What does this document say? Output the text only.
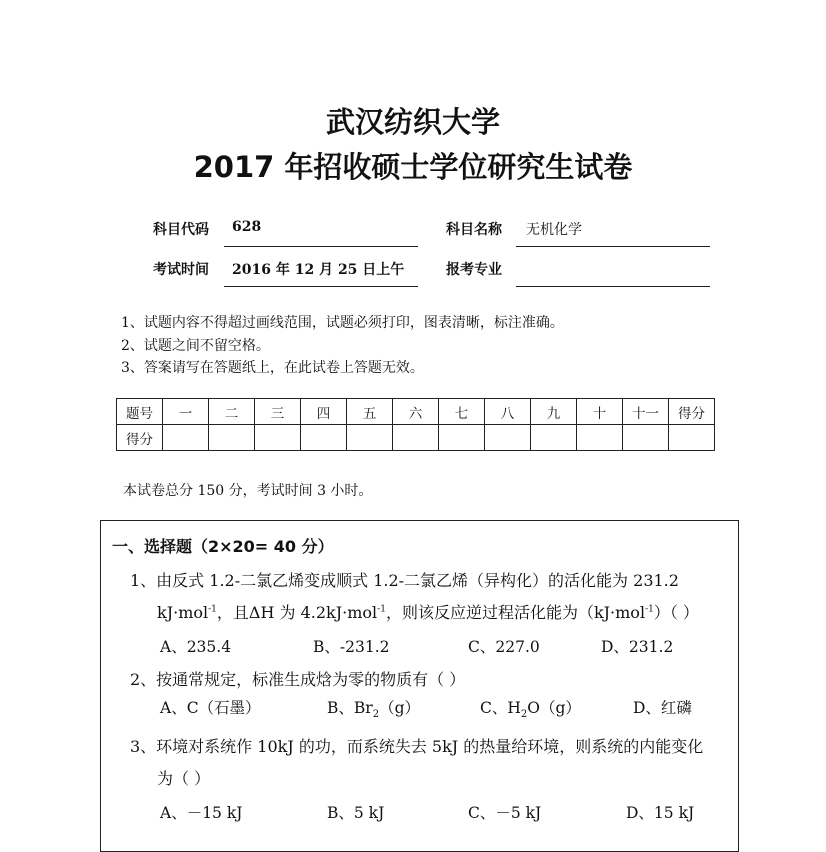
武汉纺织大学
2017 年招收硕士学位研究生试卷
科目代码 628	科目名称 无机化学
考试时间 2016 年 12 月 25 日上午	报考专业
1、试题内容不得超过画线范围，试题必须打印，图表清晰，标注准确。
2、试题之间不留空格。
3、答案请写在答题纸上，在此试卷上答题无效。
题号	一	二	三	四	五	六	七	八	九	十	十一	得分
得分												
本试卷总分 150 分，考试时间 3 小时。
一、选择题（2×20= 40 分）
1、由反式 1.2-二氯乙烯变成顺式 1.2-二氯乙烯（异构化）的活化能为 231.2
kJ·mol$^{-1}$，且ΔH 为 4.2kJ·mol$^{-1}$，则该反应逆过程活化能为（kJ·mol$^{-1}$）（ ）
A、235.4	B、-231.2	C、227.0	D、231.2
2、按通常规定，标准生成焓为零的物质有（ ）
A、C（石墨）	B、$Br_2(g)$	C、$H_2O(g)$	D、红磷
3、环境对系统作 10kJ 的功，而系统失去 5kJ 的热量给环境，则系统的内能变化
为（ ）
A、－15 kJ	B、5 kJ	C、－5 kJ	D、15 kJ
